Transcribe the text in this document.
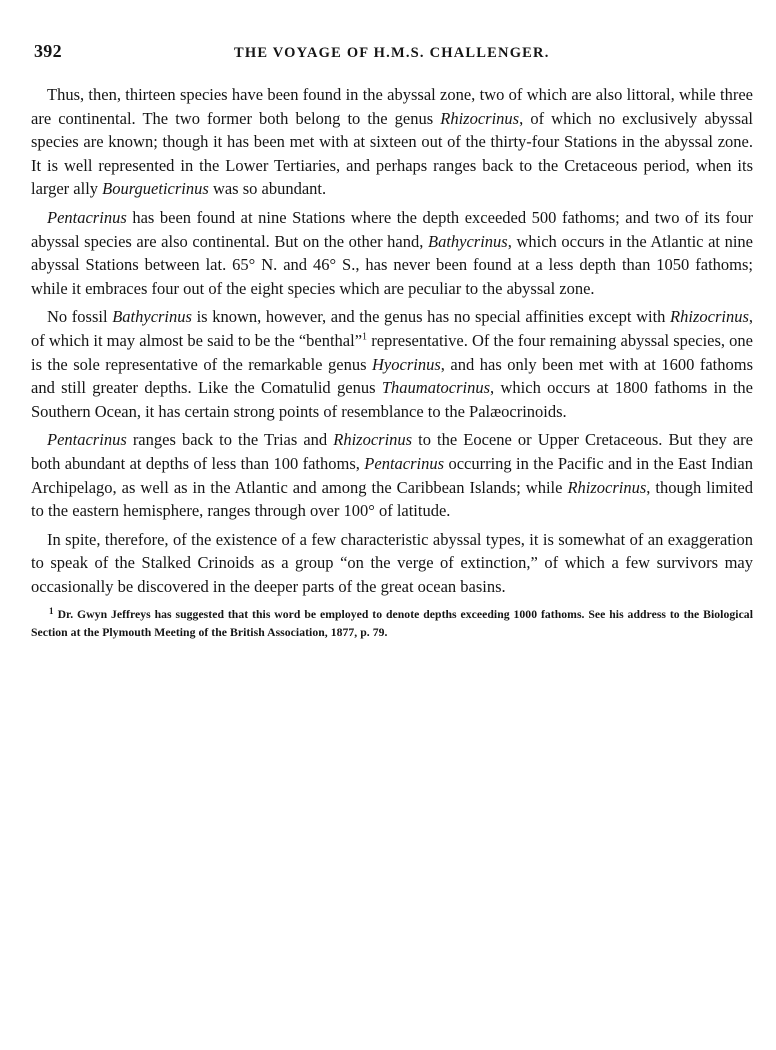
392	THE VOYAGE OF H.M.S. CHALLENGER.

Thus, then, thirteen species have been found in the abyssal zone, two of which are also littoral, while three are continental. The two former both belong to the genus Rhizocrinus, of which no exclusively abyssal species are known; though it has been met with at sixteen out of the thirty-four Stations in the abyssal zone. It is well represented in the Lower Tertiaries, and perhaps ranges back to the Cretaceous period, when its larger ally Bourgueticrinus was so abundant.

Pentacrinus has been found at nine Stations where the depth exceeded 500 fathoms; and two of its four abyssal species are also continental. But on the other hand, Bathycrinus, which occurs in the Atlantic at nine abyssal Stations between lat. 65° N. and 46° S., has never been found at a less depth than 1050 fathoms; while it embraces four out of the eight species which are peculiar to the abyssal zone.

No fossil Bathycrinus is known, however, and the genus has no special affinities except with Rhizocrinus, of which it may almost be said to be the “benthal”$^1$ representative. Of the four remaining abyssal species, one is the sole representative of the remarkable genus Hyocrinus, and has only been met with at 1600 fathoms and still greater depths. Like the Comatulid genus Thaumatocrinus, which occurs at 1800 fathoms in the Southern Ocean, it has certain strong points of resemblance to the Palæocrinoids.

Pentacrinus ranges back to the Trias and Rhizocrinus to the Eocene or Upper Cretaceous. But they are both abundant at depths of less than 100 fathoms, Pentacrinus occurring in the Pacific and in the East Indian Archipelago, as well as in the Atlantic and among the Caribbean Islands; while Rhizocrinus, though limited to the eastern hemisphere, ranges through over 100° of latitude.

In spite, therefore, of the existence of a few characteristic abyssal types, it is somewhat of an exaggeration to speak of the Stalked Crinoids as a group “on the verge of extinction,” of which a few survivors may occasionally be discovered in the deeper parts of the great ocean basins.

$^1$ Dr. Gwyn Jeffreys has suggested that this word be employed to denote depths exceeding 1000 fathoms. See his address to the Biological Section at the Plymouth Meeting of the British Association, 1877, p. 79.
